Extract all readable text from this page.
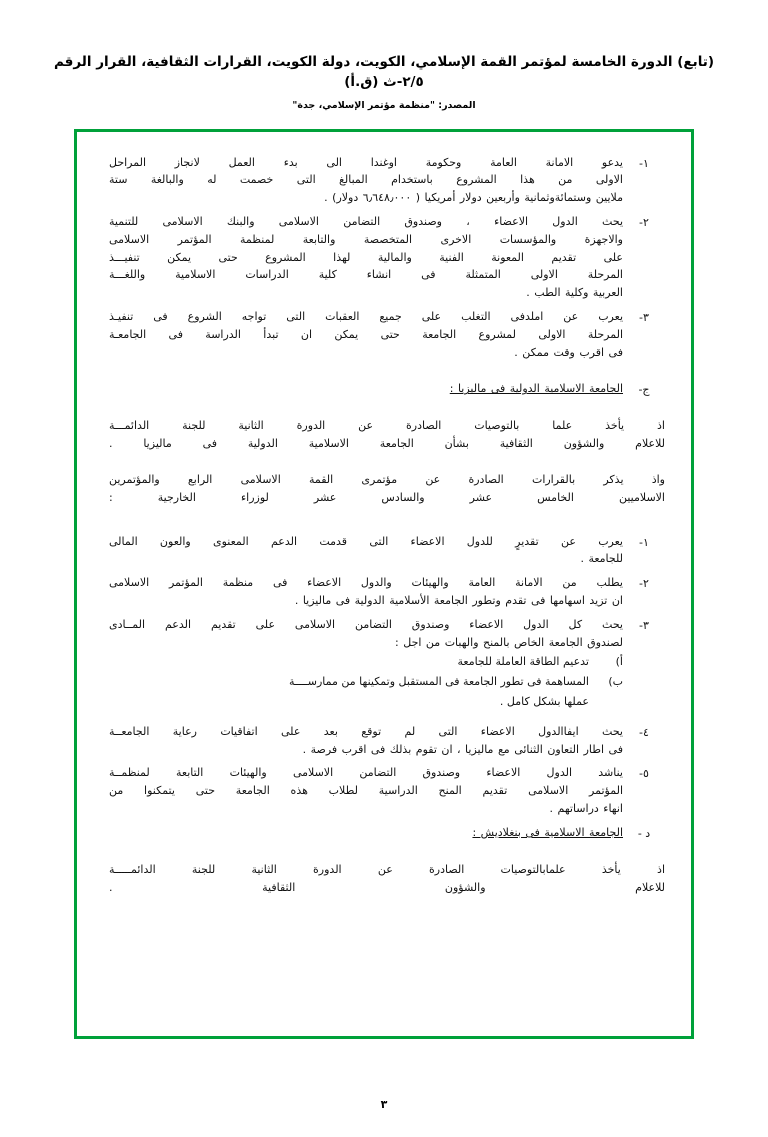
(تابع) الدورة الخامسة لمؤتمر القمة الإسلامي، الكويت، دولة الكويت، القرارات الثقافية، القرار الرقم ٢/٥-ث (ق.أ)
المصدر: "منظمة مؤتمر الإسلامي، جدة"
١-
يدعو الامانة العامة وحكومة اوغندا الى بدء العمل لانجاز المراحل
الاولى من هذا المشروع باستخدام المبالغ التى خصمت له والبالغة ستة
ملايين وستمائةوثمانية وأربعين دولار أمريكيا ( ٦٫٦٤٨٫٠٠٠ دولار) .
٢-
يحث الدول الاعضاء ، وصندوق التضامن الاسلامى والبنك الاسلامى للتنمية
والاجهزة والمؤسسات الاخرى المتخصصة والتابعة لمنظمة المؤتمر الاسلامى
على تقديم المعونة الفنية والمالية لهذا المشروع حتى يمكن تنفيـــذ
المرحلة الاولى المتمثلة فى انشاء كلية الدراسات الاسلامية واللغـــة
العربية وكلية الطب .
٣-
يعرب عن املدفى التغلب على جميع العقبات التى تواجه الشروع فى تنفيـذ
المرحلة الاولى لمشروع الجامعة حتى يمكن ان تبدأ الدراسة فى الجامعـة
فى اقرب وقت ممكن .
ج-
الجامعة الاسلامية الدولية فى ماليزيا :
اذ يأخذ علما بالتوصيات الصادرة عن الدورة الثانية للجنة الدائمـــة
للاعلام والشؤون الثقافية بشأن الجامعة الاسلامية الدولية فى ماليزيا .
واذ يذكر بالقرارات الصادرة عن مؤتمرى القمة الاسلامى الرابع والمؤتمرين
الاسلاميين الخامس عشر والسادس عشر لوزراء الخارجية :
١-
يعرب عن تقديرٍ للدول الاعضاء التى قدمت الدعم المعنوى والعون المالى
للجامعة .
٢-
يطلب من الامانة العامة والهيئات والدول الاعضاء فى منظمة المؤتمر الاسلامى
ان تزيد اسهامها فى تقدم وتطور الجامعة الأسلامية الدولية فى ماليزيا .
٣-
يحث كل الدول الاعضاء وصندوق التضامن الاسلامى على تقديم الدعم المــادى
لصندوق الجامعة الخاص بالمنح والهبات من اجل :
أ)
تدعيم الطاقة العاملة للجامعة
ب)
المساهمة فى تطور الجامعة فى المستقبل وتمكينها من ممارســــة
عملها بشكل كامل .
٤-
يحث ايفاالدول الاعضاء التى لم توقع بعد على اتفاقيات رعاية الجامعــة
فى اطار التعاون الثنائى مع ماليزيا ، ان تقوم بذلك فى اقرب فرصة .
٥-
يناشد الدول الاعضاء وصندوق التضامن الاسلامى والهيئات التابعة لمنظمــة
المؤتمر الاسلامى تقديم المنح الدراسية لطلاب هذه الجامعة حتى يتمكنوا من
انهاء دراساتهم .
د -
الجامعة الاسلامية فى بنغلاديش :
اذ يأخذ علمابالتوصيات الصادرة عن الدورة الثانية للجنة الدائمـــــة
للاعلام والشؤون الثقافية .
٣
